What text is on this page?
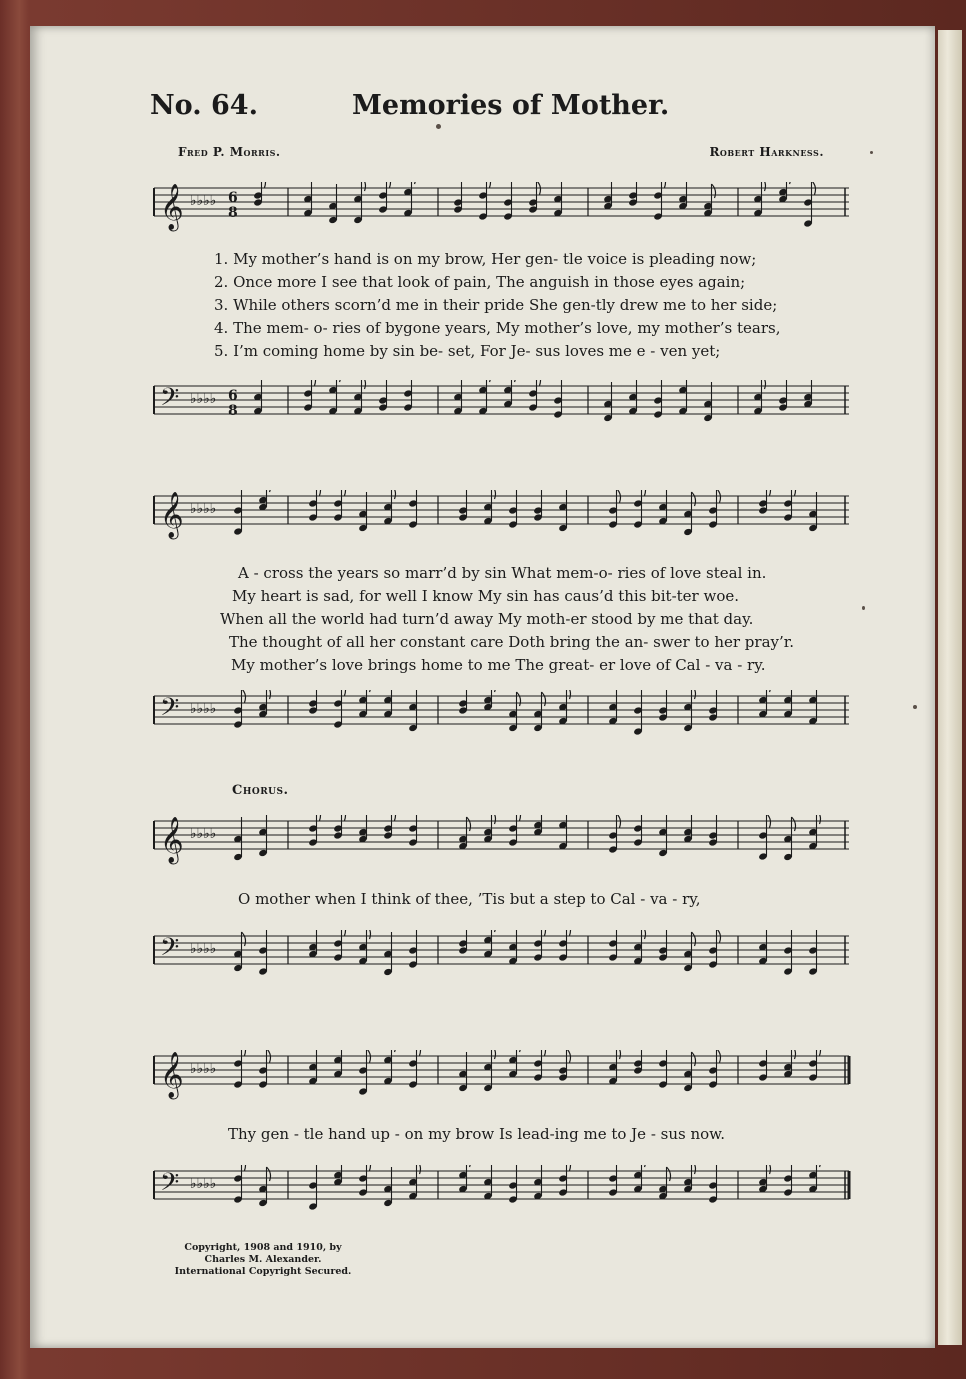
No. 64.	Memories of Mother.
Fred P. Morris.	Robert Harkness.
𝄞 ♭♭♭♭ 6
8
1. My mother’s hand is on my brow, Her gen- tle voice is pleading now;
2. Once more I see that look of pain, The anguish in those eyes again;
3. While others scorn’d me in their pride She gen-tly drew me to her side;
4. The mem- o- ries of bygone years, My mother’s love, my mother’s tears,
5. I’m coming home by sin be- set, For Je- sus loves me e - ven yet;
𝄢 ♭♭♭♭ 6
8
𝄞 ♭♭♭♭
A - cross the years so marr’d by sin What mem-o- ries of love steal in.
My heart is sad, for well I know My sin has caus’d this bit-ter woe.
When all the world had turn’d away My moth-er stood by me that day.
The thought of all her constant care Doth bring the an- swer to her pray’r.
My mother’s love brings home to me The great- er love of Cal - va - ry.
𝄢 ♭♭♭♭
Chorus.
𝄞 ♭♭♭♭
O mother when I think of thee, ’Tis but a step to Cal - va - ry,
𝄢 ♭♭♭♭
𝄞 ♭♭♭♭
Thy gen - tle hand up - on my brow Is lead-ing me to Je - sus now.
𝄢 ♭♭♭♭
Copyright, 1908 and 1910, by
Charles M. Alexander.
International Copyright Secured.
